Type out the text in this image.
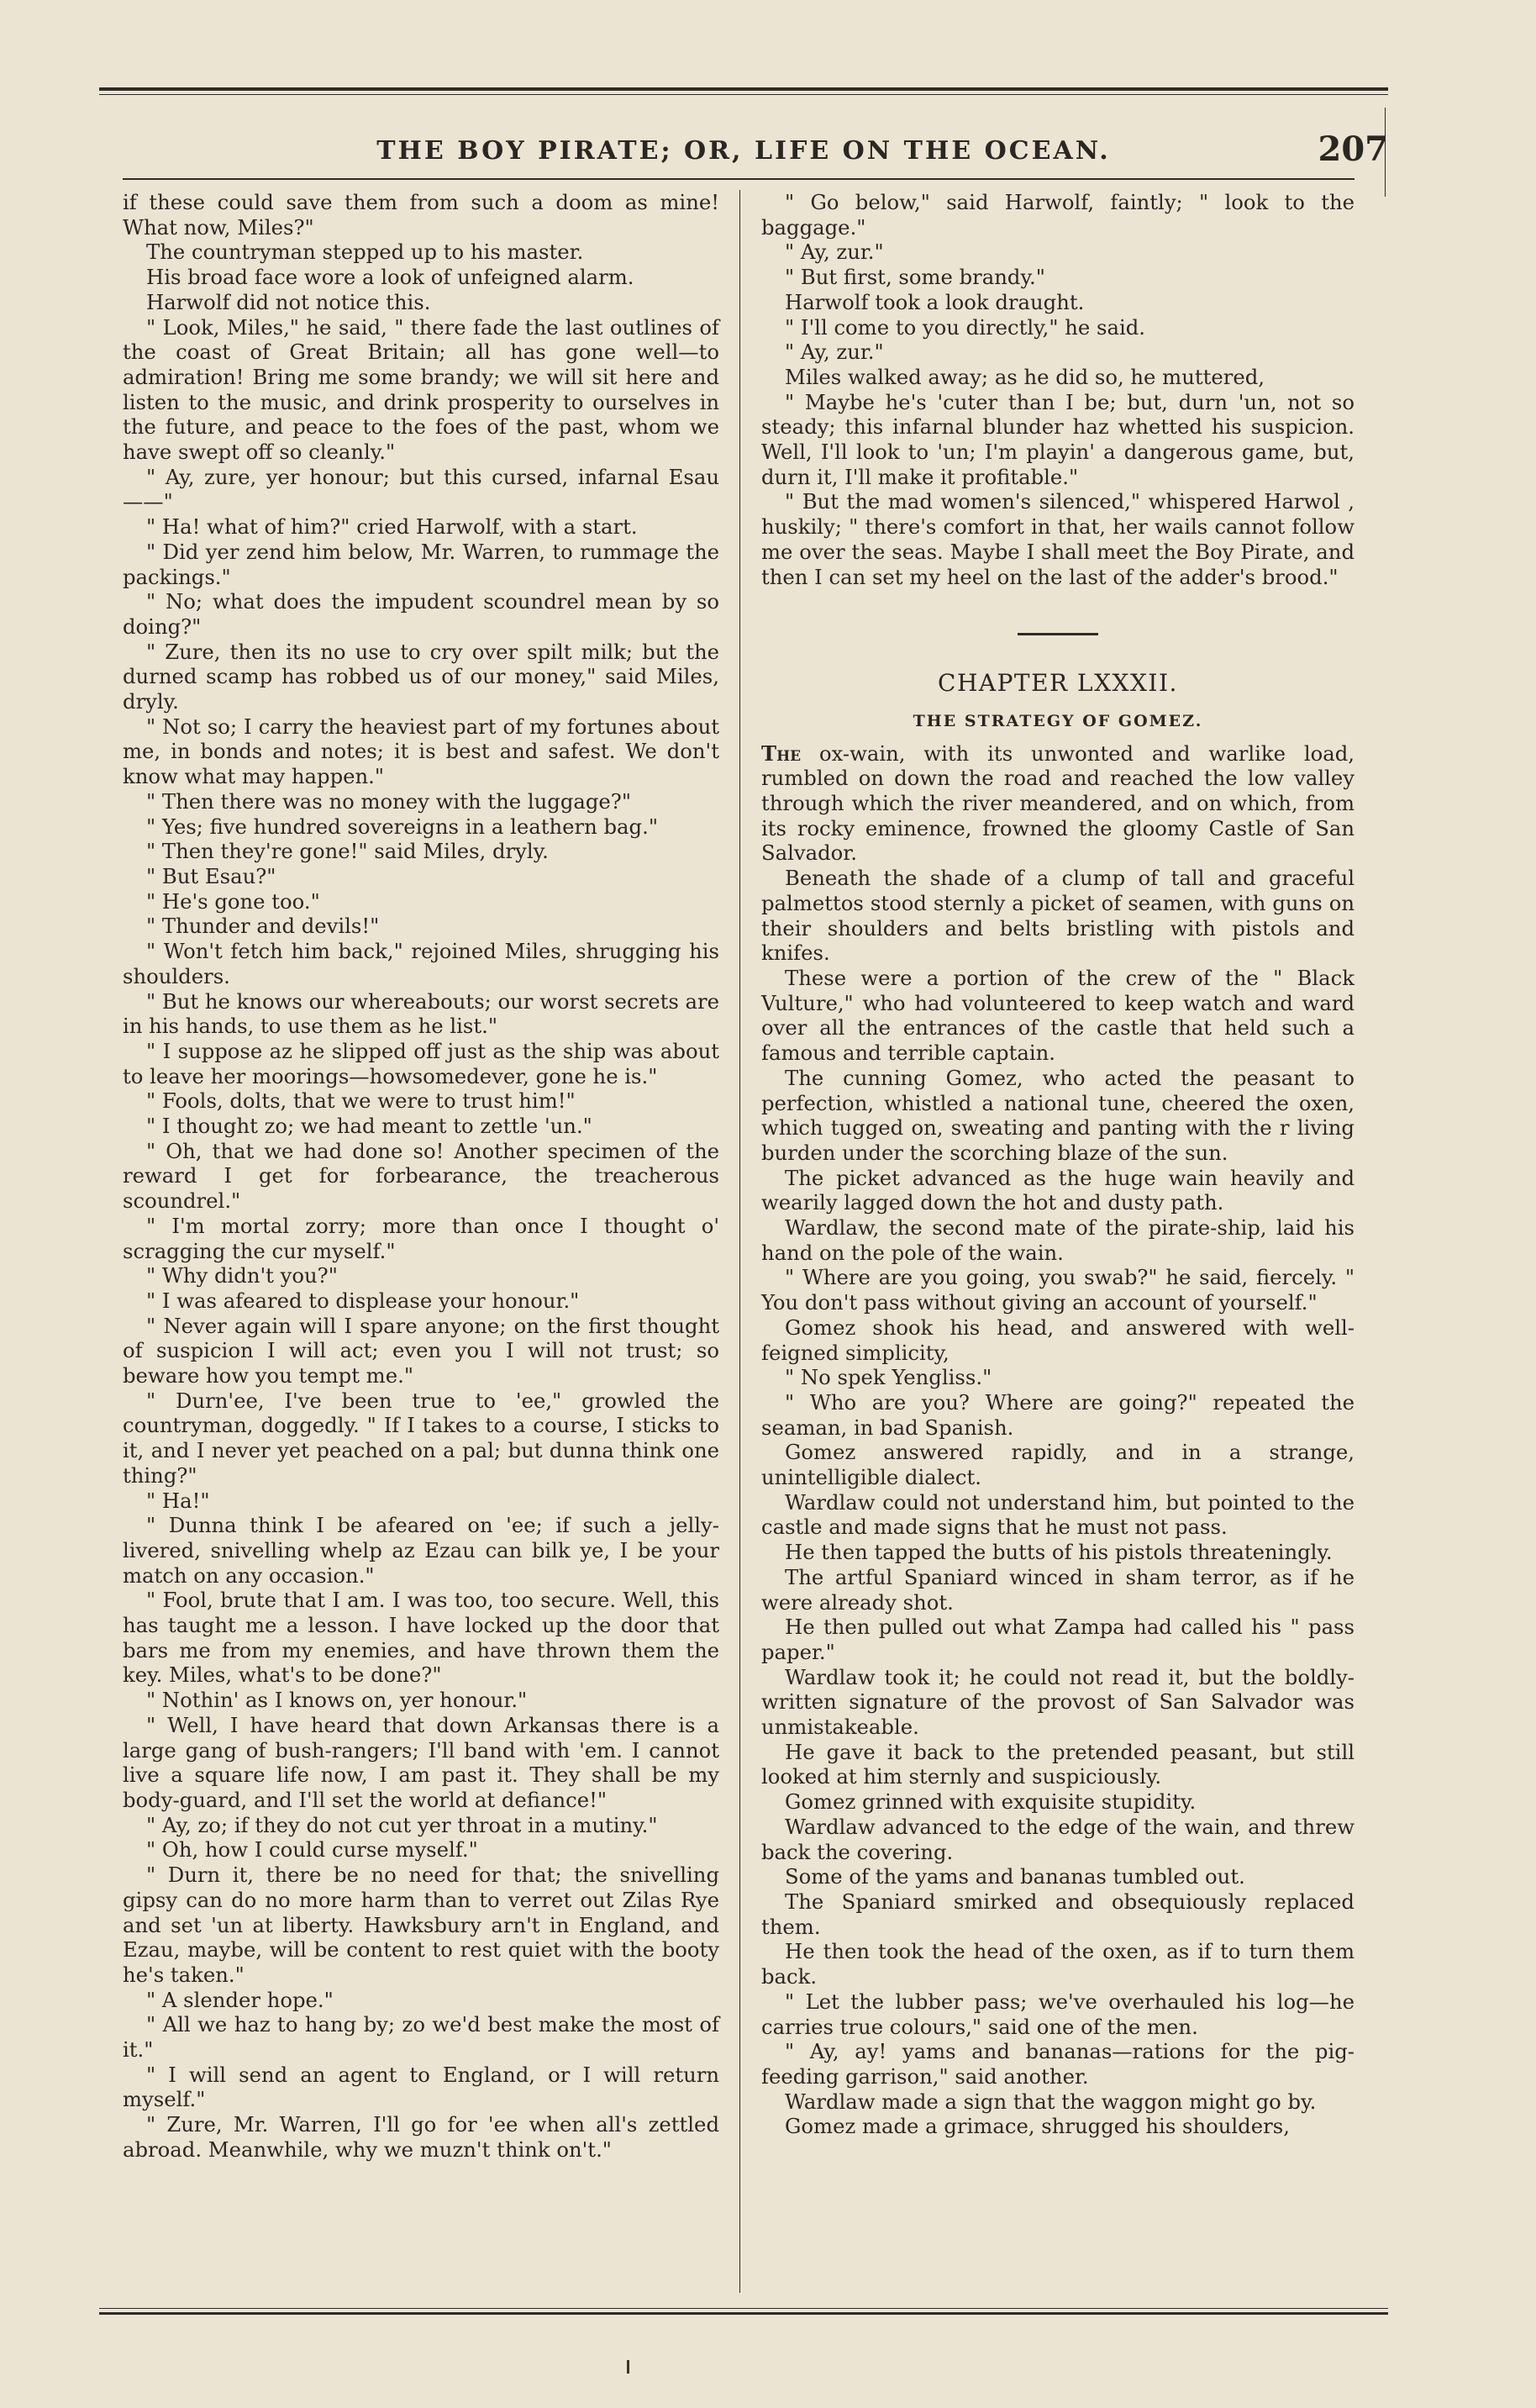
THE BOY PIRATE; OR, LIFE ON THE OCEAN.	207

if these could save them from such a doom as mine! What now, Miles?"

The countryman stepped up to his master.

His broad face wore a look of unfeigned alarm.

Harwolf did not notice this.

" Look, Miles," he said, " there fade the last outlines of the coast of Great Britain; all has gone well—to admiration! Bring me some brandy; we will sit here and listen to the music, and drink prosperity to ourselves in the future, and peace to the foes of the past, whom we have swept off so cleanly."

" Ay, zure, yer honour; but this cursed, infarnal Esau ——"

" Ha! what of him?" cried Harwolf, with a start.

" Did yer zend him below, Mr. Warren, to rummage the packings."

" No; what does the impudent scoundrel mean by so doing?"

" Zure, then its no use to cry over spilt milk; but the durned scamp has robbed us of our money," said Miles, dryly.

" Not so; I carry the heaviest part of my fortunes about me, in bonds and notes; it is best and safest. We don't know what may happen."

" Then there was no money with the luggage?"

" Yes; five hundred sovereigns in a leathern bag."

" Then they're gone!" said Miles, dryly.

" But Esau?"

" He's gone too."

" Thunder and devils!"

" Won't fetch him back," rejoined Miles, shrugging his shoulders.

" But he knows our whereabouts; our worst secrets are in his hands, to use them as he list."

" I suppose az he slipped off just as the ship was about to leave her moorings—howsomedever, gone he is."

" Fools, dolts, that we were to trust him!"

" I thought zo; we had meant to zettle 'un."

" Oh, that we had done so! Another specimen of the reward I get for forbearance, the treacherous scoundrel."

" I'm mortal zorry; more than once I thought o' scragging the cur myself."

" Why didn't you?"

" I was afeared to displease your honour."

" Never again will I spare anyone; on the first thought of suspicion I will act; even you I will not trust; so beware how you tempt me."

" Durn'ee, I've been true to 'ee," growled the countryman, doggedly. " If I takes to a course, I sticks to it, and I never yet peached on a pal; but dunna think one thing?"

" Ha!"

" Dunna think I be afeared on 'ee; if such a jelly-livered, snivelling whelp az Ezau can bilk ye, I be your match on any occasion."

" Fool, brute that I am. I was too, too secure. Well, this has taught me a lesson. I have locked up the door that bars me from my enemies, and have thrown them the key. Miles, what's to be done?"

" Nothin' as I knows on, yer honour."

" Well, I have heard that down Arkansas there is a large gang of bush-rangers; I'll band with 'em. I cannot live a square life now, I am past it. They shall be my body-guard, and I'll set the world at defiance!"

" Ay, zo; if they do not cut yer throat in a mutiny."

" Oh, how I could curse myself."

" Durn it, there be no need for that; the snivelling gipsy can do no more harm than to verret out Zilas Rye and set 'un at liberty. Hawksbury arn't in England, and Ezau, maybe, will be content to rest quiet with the booty he's taken."

" A slender hope."

" All we haz to hang by; zo we'd best make the most of it."

" I will send an agent to England, or I will return myself."

" Zure, Mr. Warren, I'll go for 'ee when all's zettled abroad. Meanwhile, why we muzn't think on't."

" Go below," said Harwolf, faintly; " look to the baggage."

" Ay, zur."

" But first, some brandy."

Harwolf took a look draught.

" I'll come to you directly," he said.

" Ay, zur."

Miles walked away; as he did so, he muttered,

" Maybe he's 'cuter than I be; but, durn 'un, not so steady; this infarnal blunder haz whetted his suspicion. Well, I'll look to 'un; I'm playin' a dangerous game, but, durn it, I'll make it profitable."

" But the mad women's silenced," whispered Harwol , huskily; " there's comfort in that, her wails cannot follow me over the seas. Maybe I shall meet the Boy Pirate, and then I can set my heel on the last of the adder's brood."

CHAPTER LXXXII.
THE STRATEGY OF GOMEZ.

The ox-wain, with its unwonted and warlike load, rumbled on down the road and reached the low valley through which the river meandered, and on which, from its rocky eminence, frowned the gloomy Castle of San Salvador.

Beneath the shade of a clump of tall and graceful palmettos stood sternly a picket of seamen, with guns on their shoulders and belts bristling with pistols and knifes.

These were a portion of the crew of the " Black Vulture," who had volunteered to keep watch and ward over all the entrances of the castle that held such a famous and terrible captain.

The cunning Gomez, who acted the peasant to perfection, whistled a national tune, cheered the oxen, which tugged on, sweating and panting with the r living burden under the scorching blaze of the sun.

The picket advanced as the huge wain heavily and wearily lagged down the hot and dusty path.

Wardlaw, the second mate of the pirate-ship, laid his hand on the pole of the wain.

" Where are you going, you swab?" he said, fiercely. " You don't pass without giving an account of yourself."

Gomez shook his head, and answered with well-feigned simplicity,

" No spek Yengliss."

" Who are you? Where are going?" repeated the seaman, in bad Spanish.

Gomez answered rapidly, and in a strange, unintelligible dialect.

Wardlaw could not understand him, but pointed to the castle and made signs that he must not pass.

He then tapped the butts of his pistols threateningly.

The artful Spaniard winced in sham terror, as if he were already shot.

He then pulled out what Zampa had called his " pass paper."

Wardlaw took it; he could not read it, but the boldly-written signature of the provost of San Salvador was unmistakeable.

He gave it back to the pretended peasant, but still looked at him sternly and suspiciously.

Gomez grinned with exquisite stupidity.

Wardlaw advanced to the edge of the wain, and threw back the covering.

Some of the yams and bananas tumbled out.

The Spaniard smirked and obsequiously replaced them.

He then took the head of the oxen, as if to turn them back.

" Let the lubber pass; we've overhauled his log—he carries true colours," said one of the men.

" Ay, ay! yams and bananas—rations for the pig-feeding garrison," said another.

Wardlaw made a sign that the waggon might go by.

Gomez made a grimace, shrugged his shoulders,
